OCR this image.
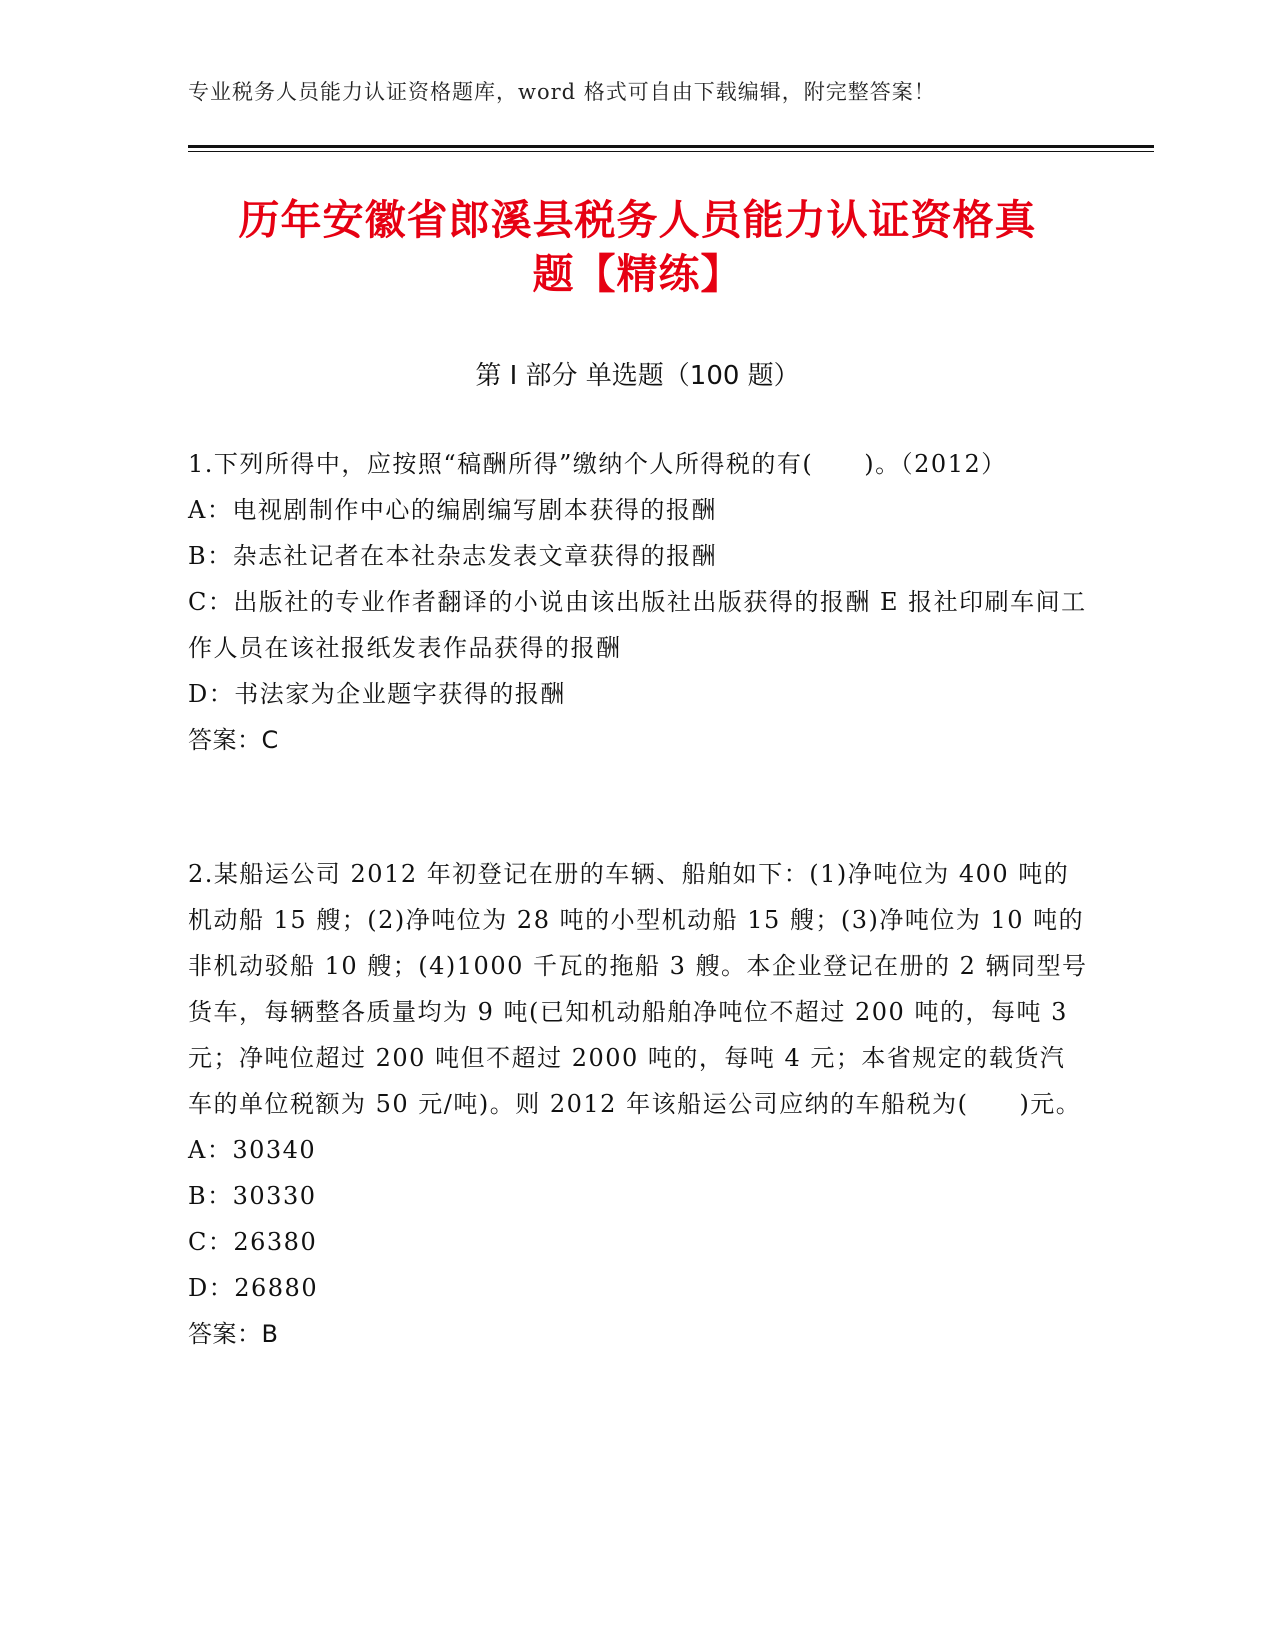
专业税务人员能力认证资格题库，word 格式可自由下载编辑，附完整答案！
历年安徽省郎溪县税务人员能力认证资格真
题【精练】
第 I 部分 单选题（100 题）

1.下列所得中，应按照“稿酬所得”缴纳个人所得税的有(　　)。（2012）

A：电视剧制作中心的编剧编写剧本获得的报酬

B：杂志社记者在本社杂志发表文章获得的报酬

C：出版社的专业作者翻译的小说由该出版社出版获得的报酬 E 报社印刷车间工作人员在该社报纸发表作品获得的报酬

D：书法家为企业题字获得的报酬

答案：C

2.某船运公司 2012 年初登记在册的车辆、船舶如下：(1)净吨位为 400 吨的机动船 15 艘；(2)净吨位为 28 吨的小型机动船 15 艘；(3)净吨位为 10 吨的非机动驳船 10 艘；(4)1000 千瓦的拖船 3 艘。本企业登记在册的 2 辆同型号货车，每辆整各质量均为 9 吨(已知机动船舶净吨位不超过 200 吨的，每吨 3 元；净吨位超过 200 吨但不超过 2000 吨的，每吨 4 元；本省规定的载货汽车的单位税额为 50 元/吨)。则 2012 年该船运公司应纳的车船税为(　　)元。

A：30340

B：30330

C：26380

D：26880

答案：B
